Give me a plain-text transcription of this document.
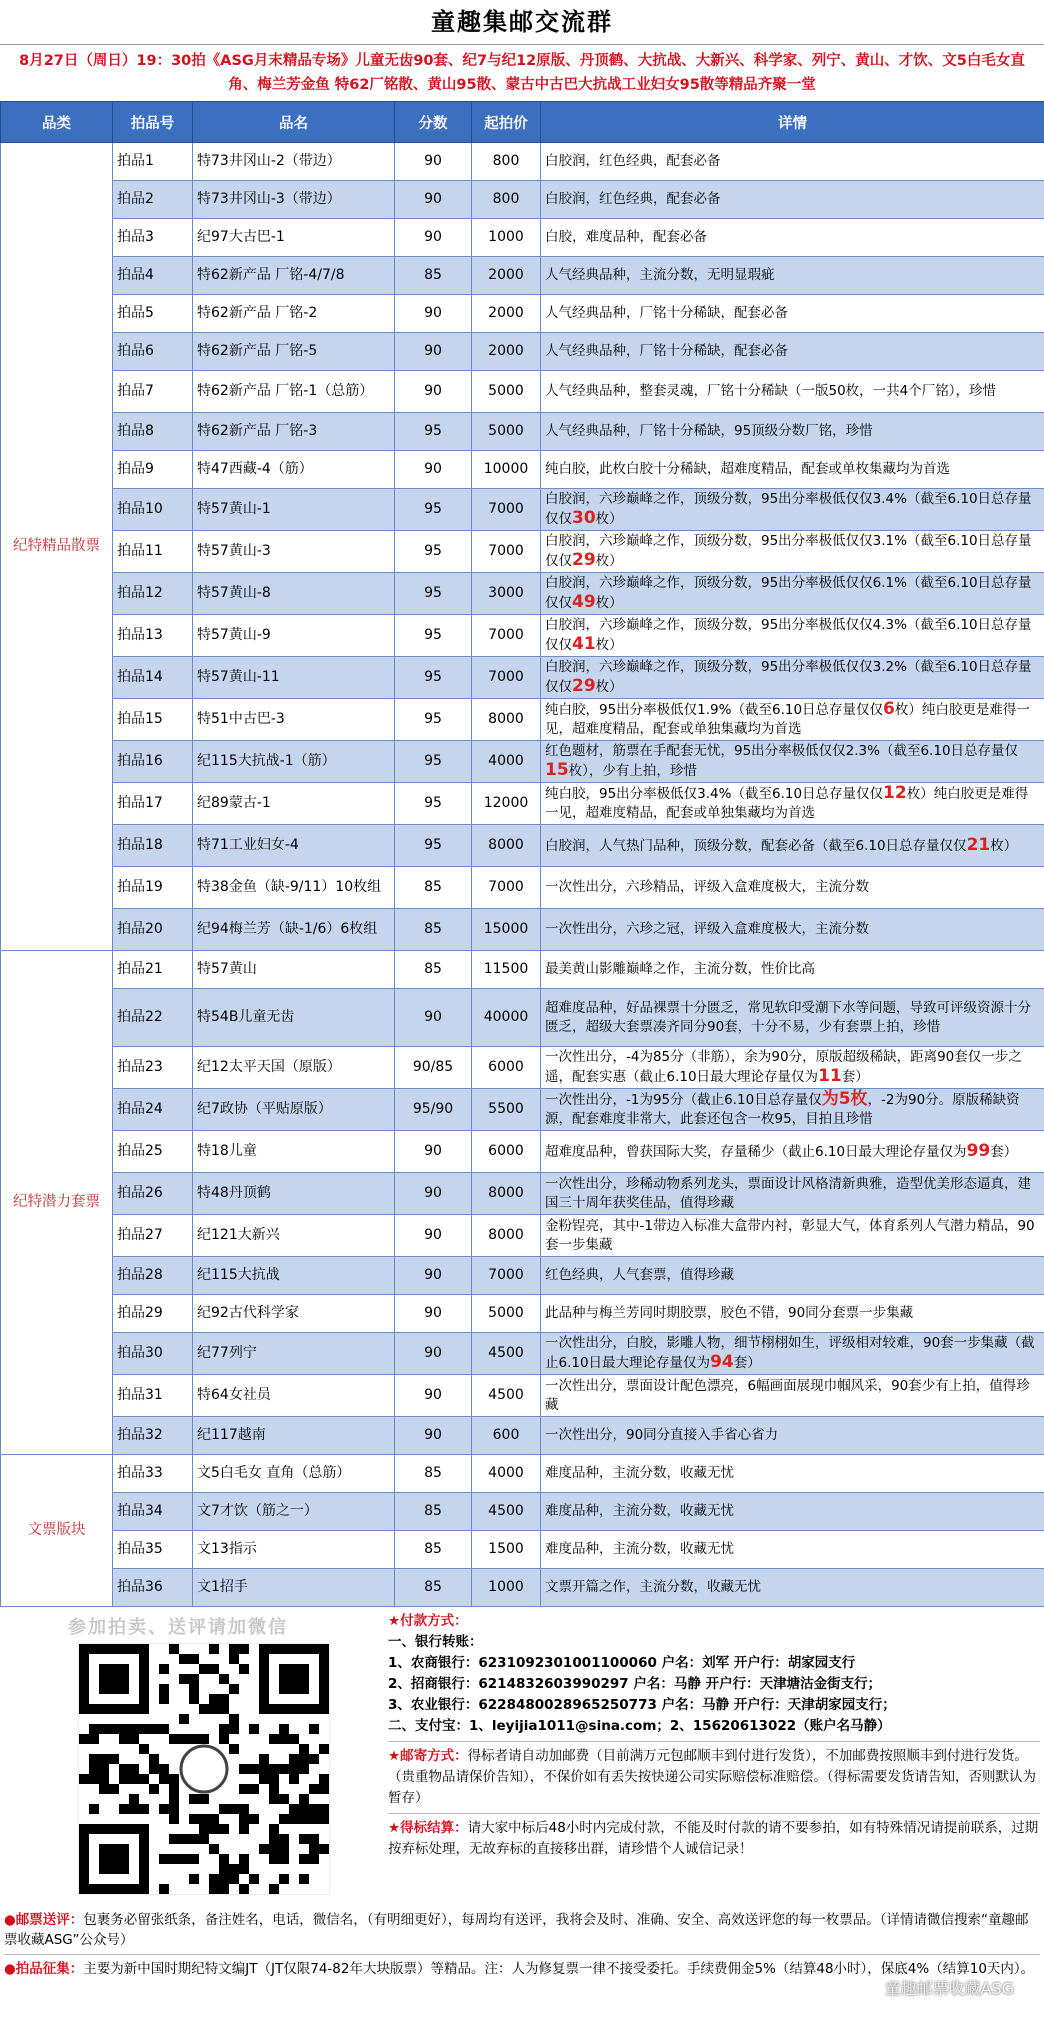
童趣集邮交流群
8月27日（周日）19：30拍《ASG月末精品专场》儿童无齿90套、纪7与纪12原版、丹顶鹤、大抗战、大新兴、科学家、列宁、黄山、才饮、文5白毛女直角、梅兰芳金鱼 特62厂铭散、黄山95散、蒙古中古巴大抗战工业妇女95散等精品齐聚一堂
品类	拍品号	品名	分数	起拍价	详情
纪特精品散票	拍品1	特73井冈山-2（带边）	90	800	白胶润，红色经典，配套必备
	拍品2	特73井冈山-3（带边）	90	800	白胶润，红色经典，配套必备
	拍品3	纪97大古巴-1	90	1000	白胶，难度品种，配套必备
	拍品4	特62新产品 厂铭-4/7/8	85	2000	人气经典品种，主流分数，无明显瑕疵
	拍品5	特62新产品 厂铭-2	90	2000	人气经典品种，厂铭十分稀缺，配套必备
	拍品6	特62新产品 厂铭-5	90	2000	人气经典品种，厂铭十分稀缺，配套必备
	拍品7	特62新产品 厂铭-1（总筋）	90	5000	人气经典品种，整套灵魂，厂铭十分稀缺（一版50枚，一共4个厂铭），珍惜
	拍品8	特62新产品 厂铭-3	95	5000	人气经典品种，厂铭十分稀缺，95顶级分数厂铭，珍惜
	拍品9	特47西藏-4（筋）	90	10000	纯白胶，此枚白胶十分稀缺，超难度精品，配套或单枚集藏均为首选
	拍品10	特57黄山-1	95	7000	白胶润，六珍巅峰之作，顶级分数，95出分率极低仅仅3.4%（截至6.10日总存量仅仅30枚）
	拍品11	特57黄山-3	95	7000	白胶润，六珍巅峰之作，顶级分数，95出分率极低仅仅3.1%（截至6.10日总存量仅仅29枚）
	拍品12	特57黄山-8	95	3000	白胶润，六珍巅峰之作，顶级分数，95出分率极低仅仅6.1%（截至6.10日总存量仅仅49枚）
	拍品13	特57黄山-9	95	7000	白胶润，六珍巅峰之作，顶级分数，95出分率极低仅仅4.3%（截至6.10日总存量仅仅41枚）
	拍品14	特57黄山-11	95	7000	白胶润，六珍巅峰之作，顶级分数，95出分率极低仅仅3.2%（截至6.10日总存量仅仅29枚）
	拍品15	特51中古巴-3	95	8000	纯白胶，95出分率极低仅1.9%（截至6.10日总存量仅仅6枚）纯白胶更是难得一见，超难度精品，配套或单独集藏均为首选
	拍品16	纪115大抗战-1（筋）	95	4000	红色题材，筋票在手配套无忧，95出分率极低仅仅2.3%（截至6.10日总存量仅15枚），少有上拍，珍惜
	拍品17	纪89蒙古-1	95	12000	纯白胶，95出分率极低仅3.4%（截至6.10日总存量仅仅12枚）纯白胶更是难得一见，超难度精品，配套或单独集藏均为首选
	拍品18	特71工业妇女-4	95	8000	白胶润，人气热门品种，顶级分数，配套必备（截至6.10日总存量仅仅21枚）
	拍品19	特38金鱼（缺-9/11）10枚组	85	7000	一次性出分，六珍精品，评级入盒难度极大，主流分数
	拍品20	纪94梅兰芳（缺-1/6）6枚组	85	15000	一次性出分，六珍之冠，评级入盒难度极大，主流分数
纪特潜力套票	拍品21	特57黄山	85	11500	最美黄山影雕巅峰之作，主流分数，性价比高
	拍品22	特54B儿童无齿	90	40000	超难度品种，好品裸票十分匮乏，常见软印受潮下水等问题，导致可评级资源十分匮乏，超级大套票凑齐同分90套，十分不易，少有套票上拍，珍惜
	拍品23	纪12太平天国（原版）	90/85	6000	一次性出分，-4为85分（非筋），余为90分，原版超级稀缺，距离90套仅一步之遥，配套实惠（截止6.10日最大理论存量仅为11套）
	拍品24	纪7政协（平贴原版）	95/90	5500	一次性出分，-1为95分（截止6.10日总存量仅为5枚，-2为90分。原版稀缺资源，配套难度非常大，此套还包含一枚95，目拍且珍惜
	拍品25	特18儿童	90	6000	超难度品种，曾获国际大奖，存量稀少（截止6.10日最大理论存量仅为99套）
	拍品26	特48丹顶鹤	90	8000	一次性出分，珍稀动物系列龙头，票面设计风格清新典雅，造型优美形态逼真，建国三十周年获奖佳品，值得珍藏
	拍品27	纪121大新兴	90	8000	金粉锃亮，其中-1带边入标准大盒带内衬，彰显大气，体育系列人气潜力精品，90套一步集藏
	拍品28	纪115大抗战	90	7000	红色经典，人气套票，值得珍藏
	拍品29	纪92古代科学家	90	5000	此品种与梅兰芳同时期胶票，胶色不错，90同分套票一步集藏
	拍品30	纪77列宁	90	4500	一次性出分，白胶，影雕人物，细节栩栩如生，评级相对较难，90套一步集藏（截止6.10日最大理论存量仅为94套）
	拍品31	特64女社员	90	4500	一次性出分，票面设计配色漂亮，6幅画面展现巾帼风采，90套少有上拍，值得珍藏
	拍品32	纪117越南	90	600	一次性出分，90同分直接入手省心省力
文票版块	拍品33	文5白毛女 直角（总筋）	85	4000	难度品种，主流分数，收藏无忧
	拍品34	文7才饮（筋之一）	85	4500	难度品种，主流分数，收藏无忧
	拍品35	文13指示	85	1500	难度品种，主流分数，收藏无忧
	拍品36	文1招手	85	1000	文票开篇之作，主流分数，收藏无忧
参加拍卖、送评请加微信	★付款方式：
一、银行转账：
1、农商银行：6231092301001100060 户名：刘军 开户行：胡家园支行
2、招商银行：6214832603990297 户名：马静 开户行：天津塘沽金街支行；
3、农业银行：6228480028965250773 户名：马静 开户行：天津胡家园支行；
二、支付宝：1、leyijia1011@sina.com；2、15620613022（账户名马静）
★邮寄方式：得标者请自动加邮费（目前满万元包邮顺丰到付进行发货），不加邮费按照顺丰到付进行发货。（贵重物品请保价告知），不保价如有丢失按快递公司实际赔偿标准赔偿。（得标需要发货请告知，否则默认为暂存）
★得标结算：请大家中标后48小时内完成付款，不能及时付款的请不要参拍，如有特殊情况请提前联系，过期按弃标处理，无故弃标的直接移出群，请珍惜个人诚信记录！
●邮票送评：包裹务必留张纸条，备注姓名，电话，微信名，（有明细更好），每周均有送评，我将会及时、准确、安全、高效送评您的每一枚票品。（详情请微信搜索“童趣邮票收藏ASG”公众号）
●拍品征集：主要为新中国时期纪特文编JT（JT仅限74-82年大块版票）等精品。注：人为修复票一律不接受委托。手续费佣金5%（结算48小时），保底4%（结算10天内）。
童趣邮票收藏ASG
